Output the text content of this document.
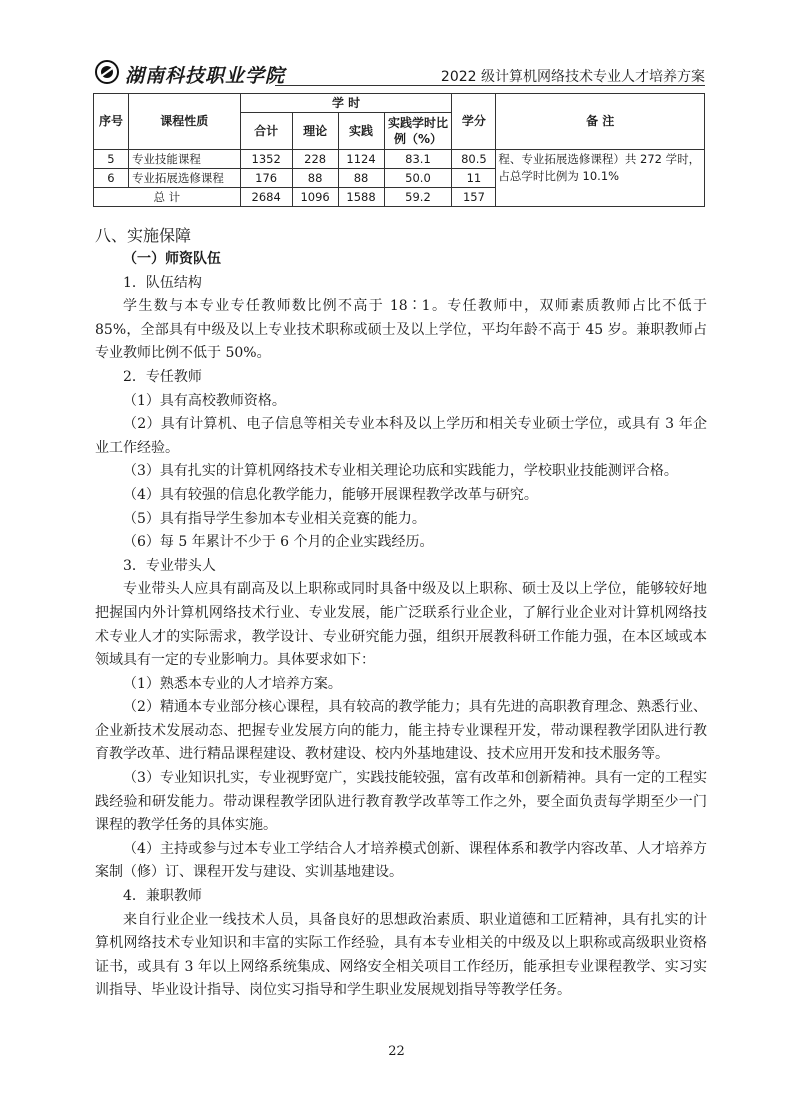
湖南科技职业学院	2022 级计算机网络技术专业人才培养方案
序号	课程性质	学 时				学分	备 注
		合计	理论	实践	实践学时比例（%）		
5	专业技能课程	1352	228	1124	83.1	80.5	程、专业拓展选修课程）共 272 学时，占总学时比例为 10.1%
6	专业拓展选修课程	176	88	88	50.0	11	
总 计		2684	1096	1588	59.2	157	

八、实施保障

（一）师资队伍

1．队伍结构

学生数与本专业专任教师数比例不高于 18∶1。专任教师中，双师素质教师占比不低于 85%，全部具有中级及以上专业技术职称或硕士及以上学位，平均年龄不高于 45 岁。兼职教师占专业教师比例不低于 50%。

2．专任教师

（1）具有高校教师资格。

（2）具有计算机、电子信息等相关专业本科及以上学历和相关专业硕士学位，或具有 3 年企业工作经验。

（3）具有扎实的计算机网络技术专业相关理论功底和实践能力，学校职业技能测评合格。

（4）具有较强的信息化教学能力，能够开展课程教学改革与研究。

（5）具有指导学生参加本专业相关竞赛的能力。

（6）每 5 年累计不少于 6 个月的企业实践经历。

3．专业带头人

专业带头人应具有副高及以上职称或同时具备中级及以上职称、硕士及以上学位，能够较好地把握国内外计算机网络技术行业、专业发展，能广泛联系行业企业，了解行业企业对计算机网络技术专业人才的实际需求，教学设计、专业研究能力强，组织开展教科研工作能力强，在本区域或本领域具有一定的专业影响力。具体要求如下：

（1）熟悉本专业的人才培养方案。

（2）精通本专业部分核心课程，具有较高的教学能力；具有先进的高职教育理念、熟悉行业、企业新技术发展动态、把握专业发展方向的能力，能主持专业课程开发，带动课程教学团队进行教育教学改革、进行精品课程建设、教材建设、校内外基地建设、技术应用开发和技术服务等。

（3）专业知识扎实，专业视野宽广，实践技能较强，富有改革和创新精神。具有一定的工程实践经验和研发能力。带动课程教学团队进行教育教学改革等工作之外，要全面负责每学期至少一门课程的教学任务的具体实施。

（4）主持或参与过本专业工学结合人才培养模式创新、课程体系和教学内容改革、人才培养方案制（修）订、课程开发与建设、实训基地建设。

4．兼职教师

来自行业企业一线技术人员，具备良好的思想政治素质、职业道德和工匠精神，具有扎实的计算机网络技术专业知识和丰富的实际工作经验，具有本专业相关的中级及以上职称或高级职业资格证书，或具有 3 年以上网络系统集成、网络安全相关项目工作经历，能承担专业课程教学、实习实训指导、毕业设计指导、岗位实习指导和学生职业发展规划指导等教学任务。

22
